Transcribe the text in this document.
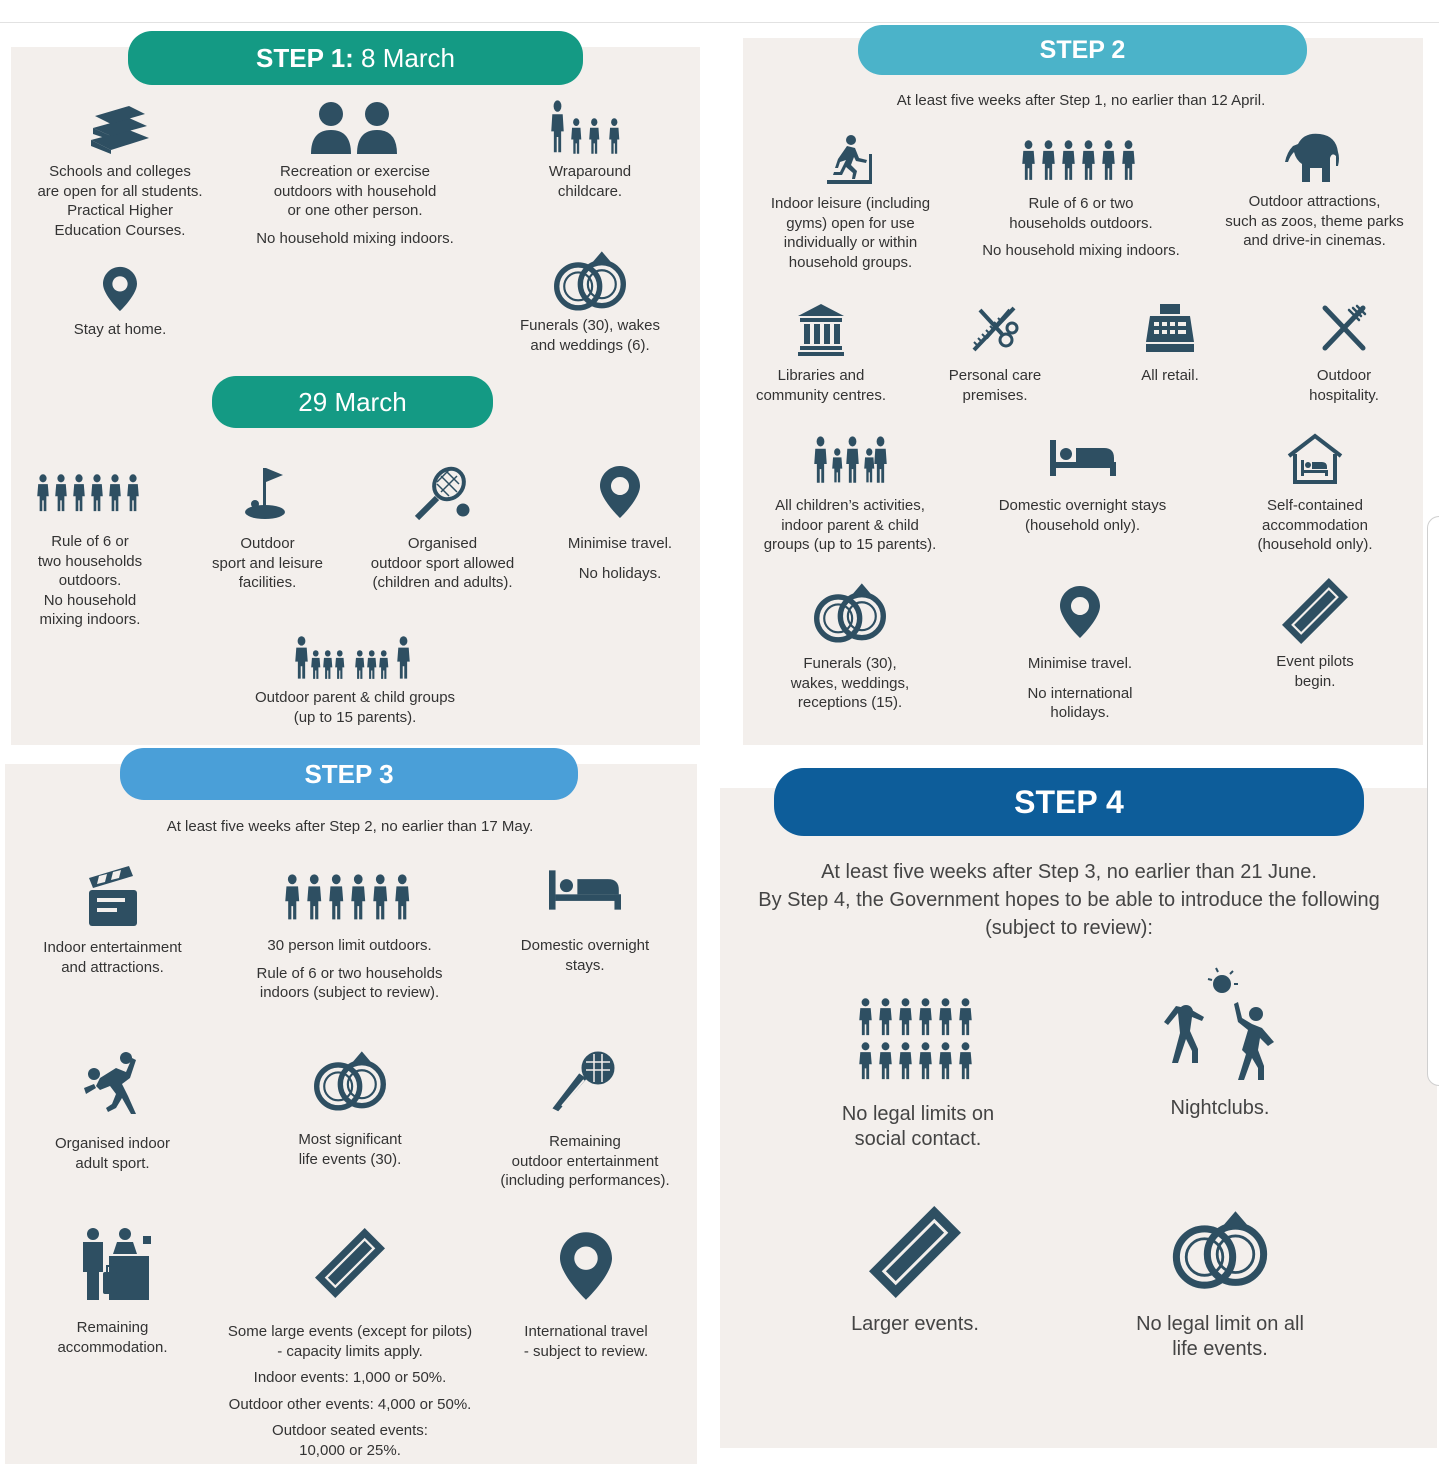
STEP 1: 8 March
Schools and colleges
are open for all students.
Practical Higher
Education Courses.
Recreation or exercise
outdoors with household
or one other person.
No household mixing indoors.
Wraparound
childcare.
Stay at home.	Funerals (30), wakes
and weddings (6).
29 March
Rule of 6 or
two households
outdoors.
No household
mixing indoors.
Outdoor
sport and leisure
facilities.
Organised
outdoor sport allowed
(children and adults).
Minimise travel.
No holidays.
Outdoor parent & child groups
(up to 15 parents).
STEP 2
At least five weeks after Step 1, no earlier than 12 April.
Indoor leisure (including
gyms) open for use
individually or within
household groups.
Rule of 6 or two
households outdoors.
No household mixing indoors.
Outdoor attractions,
such as zoos, theme parks
and drive-in cinemas.
Libraries and
community centres.
Personal care
premises.
All retail.	Outdoor
hospitality.
All children’s activities,
indoor parent & child
groups (up to 15 parents).
Domestic overnight stays
(household only).
Self-contained
accommodation
(household only).
Funerals (30),
wakes, weddings,
receptions (15).
Minimise travel.
No international
holidays.
Event pilots
begin.
STEP 3
At least five weeks after Step 2, no earlier than 17 May.
Indoor entertainment
and attractions.
30 person limit outdoors.
Rule of 6 or two households
indoors (subject to review).
Domestic overnight
stays.
Organised indoor
adult sport.
Most significant
life events (30).
Remaining
outdoor entertainment
(including performances).
Remaining
accommodation.
Some large events (except for pilots)
- capacity limits apply.
Indoor events: 1,000 or 50%.
Outdoor other events: 4,000 or 50%.
Outdoor seated events:
10,000 or 25%.
International travel
- subject to review.
STEP 4
At least five weeks after Step 3, no earlier than 21 June.
By Step 4, the Government hopes to be able to introduce the following
(subject to review):
No legal limits on
social contact.
Nightclubs.
Larger events.	No legal limit on all
life events.
